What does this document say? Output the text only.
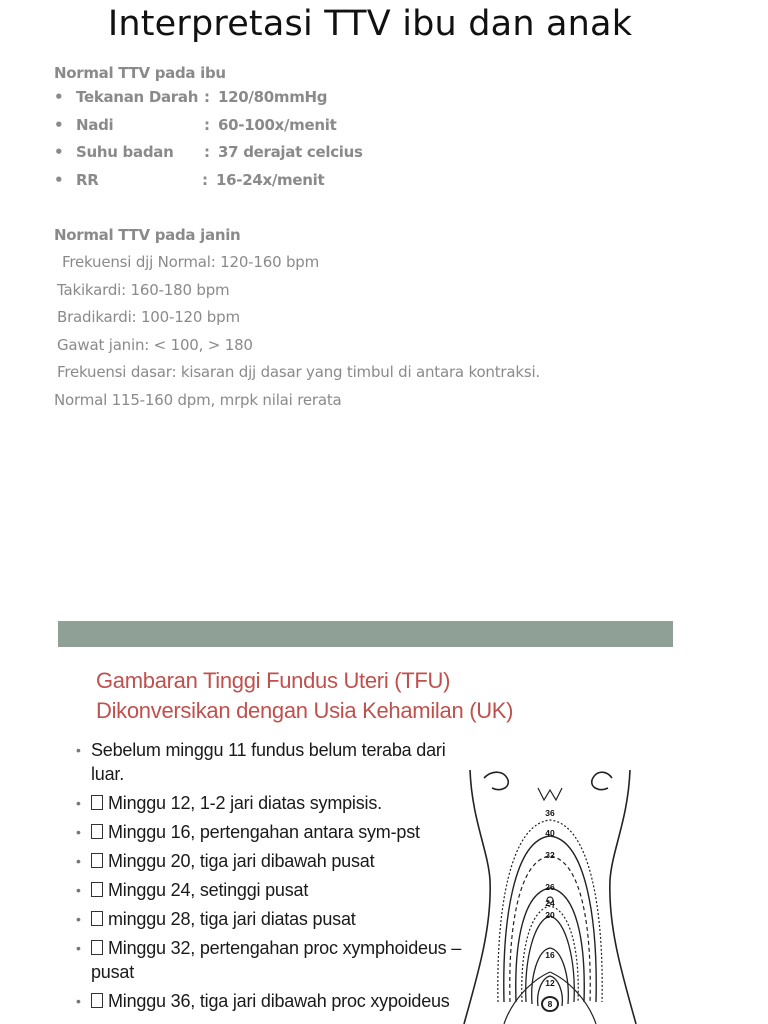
Interpretasi TTV ibu dan anak
Normal TTV pada ibu
• Tekanan Darah : 120/80mmHg
• Nadi	: 60-100x/menit
• Suhu badan : 37 derajat celcius
• RR	: 16-24x/menit
Normal TTV pada janin
Frekuensi djj Normal: 120-160 bpm
Takikardi: 160-180 bpm
Bradikardi: 100-120 bpm
Gawat janin: < 100, > 180
Frekuensi dasar: kisaran djj dasar yang timbul di antara kontraksi.
Normal 115-160 dpm, mrpk nilai rerata
Gambaran Tinggi Fundus Uteri (TFU)
Dikonversikan dengan Usia Kehamilan (UK)
• Sebelum minggu 11 fundus belum teraba dari luar.
• Minggu 12, 1-2 jari diatas sympisis.
• Minggu 16, pertengahan antara sym-pst
• Minggu 20, tiga jari dibawah pusat
• Minggu 24, setinggi pusat
• minggu 28, tiga jari diatas pusat
• Minggu 32, pertengahan proc xymphoideus – pusat
• Minggu 36, tiga jari dibawah proc xypoideus
36
40
32
26
24
20
16
12
8
